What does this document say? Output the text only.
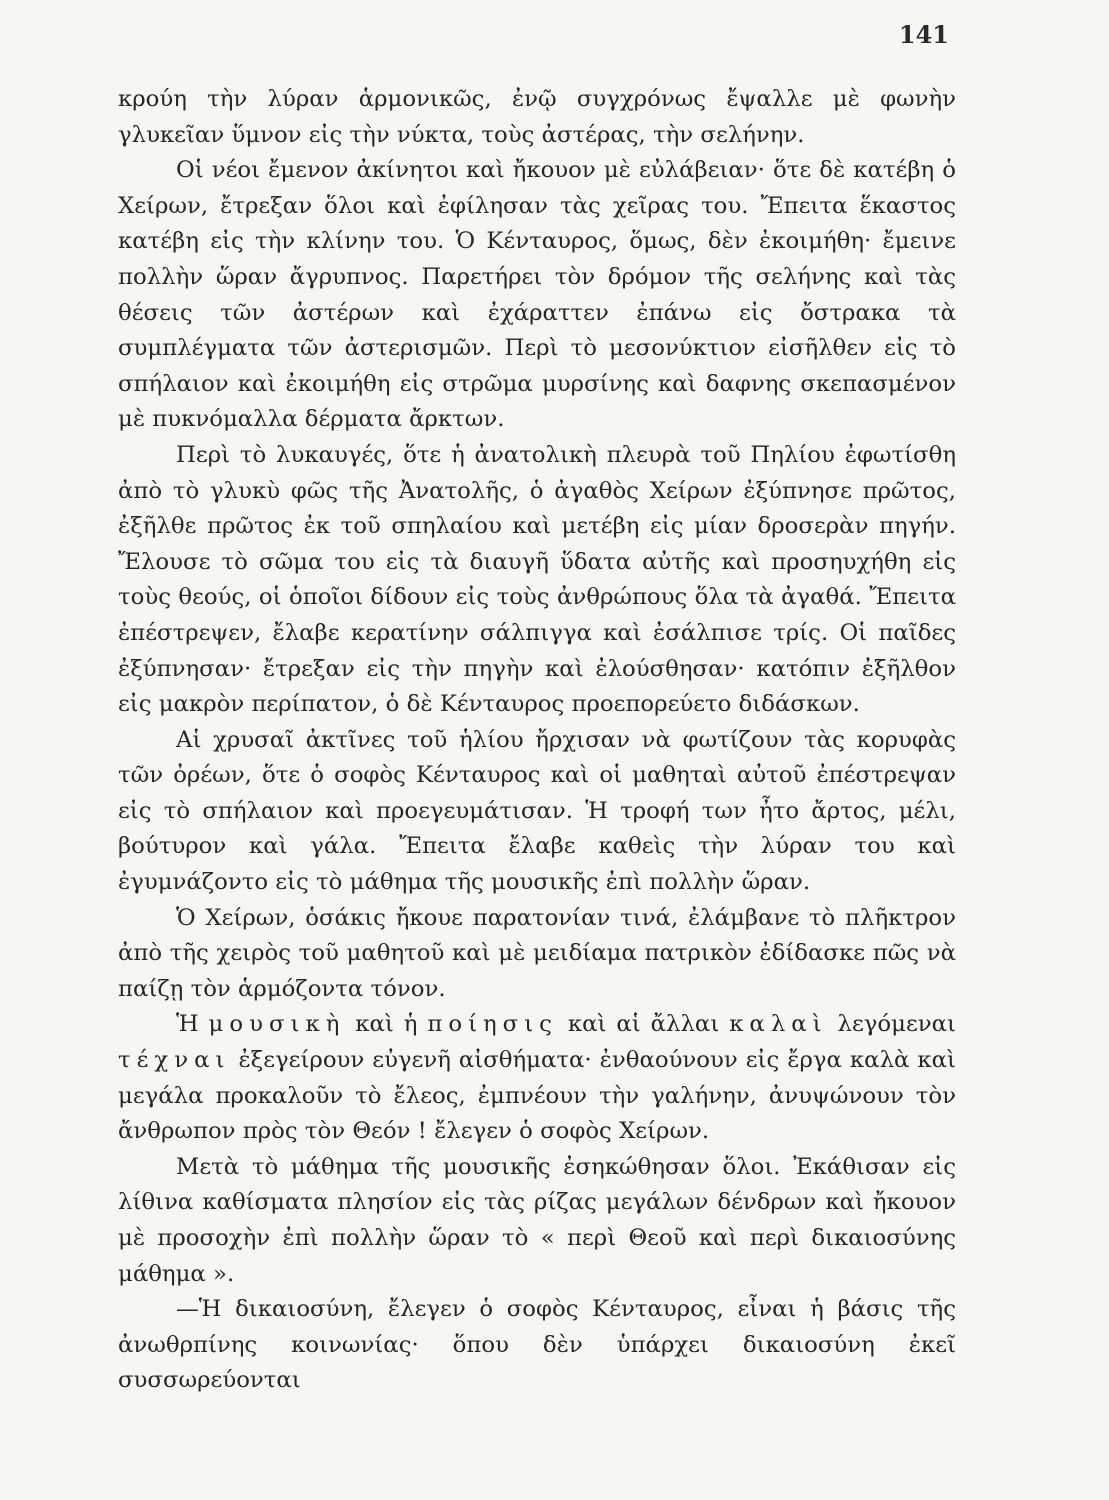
141

κρούη τὴν λύραν ἁρμονικῶς, ἐνῷ συγχρόνως ἔψαλλε μὲ φωνὴν γλυκεῖαν ὕμνον εἰς τὴν νύκτα, τοὺς ἀστέρας, τὴν σελήνην.

Οἱ νέοι ἔμενον ἀκίνητοι καὶ ἤκουον μὲ εὐλάβειαν· ὅτε δὲ κατέβη ὁ Χείρων, ἔτρεξαν ὅλοι καὶ ἐφίλησαν τὰς χεῖρας του. Ἔπειτα ἕκαστος κατέβη εἰς τὴν κλίνην του. Ὁ Κένταυρος, ὅμως, δὲν ἐκοιμήθη· ἔμεινε πολλὴν ὥραν ἄγρυπνος. Παρετήρει τὸν δρόμον τῆς σελήνης καὶ τὰς θέσεις τῶν ἀστέρων καὶ ἐχάραττεν ἐπάνω εἰς ὄστρακα τὰ συμπλέγματα τῶν ἀστερισμῶν. Περὶ τὸ μεσονύκτιον εἰσῆλθεν εἰς τὸ σπήλαιον καὶ ἐκοιμήθη εἰς στρῶμα μυρσίνης καὶ δαφνης σκεπασμένον μὲ πυκνόμαλλα δέρματα ἄρκτων.

Περὶ τὸ λυκαυγές, ὅτε ἡ ἀνατολικὴ πλευρὰ τοῦ Πηλίου ἐφωτίσθη ἀπὸ τὸ γλυκὺ φῶς τῆς Ἀνατολῆς, ὁ ἀγαθὸς Χείρων ἐξύπνησε πρῶτος, ἐξῆλθε πρῶτος ἐκ τοῦ σπηλαίου καὶ μετέβη εἰς μίαν δροσερὰν πηγήν. Ἔλουσε τὸ σῶμα του εἰς τὰ διαυγῆ ὕδατα αὐτῆς καὶ προσηυχήθη εἰς τοὺς θεούς, οἱ ὁποῖοι δίδουν εἰς τοὺς ἀνθρώπους ὅλα τὰ ἀγαθά. Ἔπειτα ἐπέστρεψεν, ἔλαβε κερατίνην σάλπιγγα καὶ ἐσάλπισε τρίς. Οἱ παῖδες ἐξύπνησαν· ἔτρεξαν εἰς τὴν πηγὴν καὶ ἐλούσθησαν· κατόπιν ἐξῆλθον εἰς μακρὸν περίπατον, ὁ δὲ Κένταυρος προεπορεύετο διδάσκων.

Αἱ χρυσαῖ ἀκτῖνες τοῦ ἡλίου ἤρχισαν νὰ φωτίζουν τὰς κορυφὰς τῶν ὀρέων, ὅτε ὁ σοφὸς Κένταυρος καὶ οἱ μαθηταὶ αὐτοῦ ἐπέστρεψαν εἰς τὸ σπήλαιον καὶ προεγευμάτισαν. Ἡ τροφή των ἦτο ἄρτος, μέλι, βούτυρον καὶ γάλα. Ἔπειτα ἔλαβε καθεὶς τὴν λύραν του καὶ ἐγυμνάζοντο εἰς τὸ μάθημα τῆς μουσικῆς ἐπὶ πολλὴν ὥραν.

Ὁ Χείρων, ὁσάκις ἤκουε παρατονίαν τινά, ἐλάμβανε τὸ πλῆκτρον ἀπὸ τῆς χειρὸς τοῦ μαθητοῦ καὶ μὲ μειδίαμα πατρικὸν ἐδίδασκε πῶς νὰ παίζῃ τὸν ἁρμόζοντα τόνον.

Ἡ μουσικὴ καὶ ἡ ποίησις καὶ αἱ ἄλλαι καλαὶ λεγόμεναι τέχναι ἐξεγείρουν εὐγενῆ αἰσθήματα· ἐνθαούνουν εἰς ἔργα καλὰ καὶ μεγάλα προκαλοῦν τὸ ἔλεος, ἐμπνέουν τὴν γαλήνην, ἀνυψώνουν τὸν ἄνθρωπον πρὸς τὸν Θεόν ! ἔλεγεν ὁ σοφὸς Χείρων.

Μετὰ τὸ μάθημα τῆς μουσικῆς ἐσηκώθησαν ὅλοι. Ἐκάθισαν εἰς λίθινα καθίσματα πλησίον εἰς τὰς ρίζας μεγάλων δένδρων καὶ ἤκουον μὲ προσοχὴν ἐπὶ πολλὴν ὥραν τὸ « περὶ Θεοῦ καὶ περὶ δικαιοσύνης μάθημα ».

—Ἡ δικαιοσύνη, ἔλεγεν ὁ σοφὸς Κένταυρος, εἶναι ἡ βάσις τῆς ἀνωθρπίνης κοινωνίας· ὅπου δὲν ὑπάρχει δικαιοσύνη ἐκεῖ συσσωρεύονται
